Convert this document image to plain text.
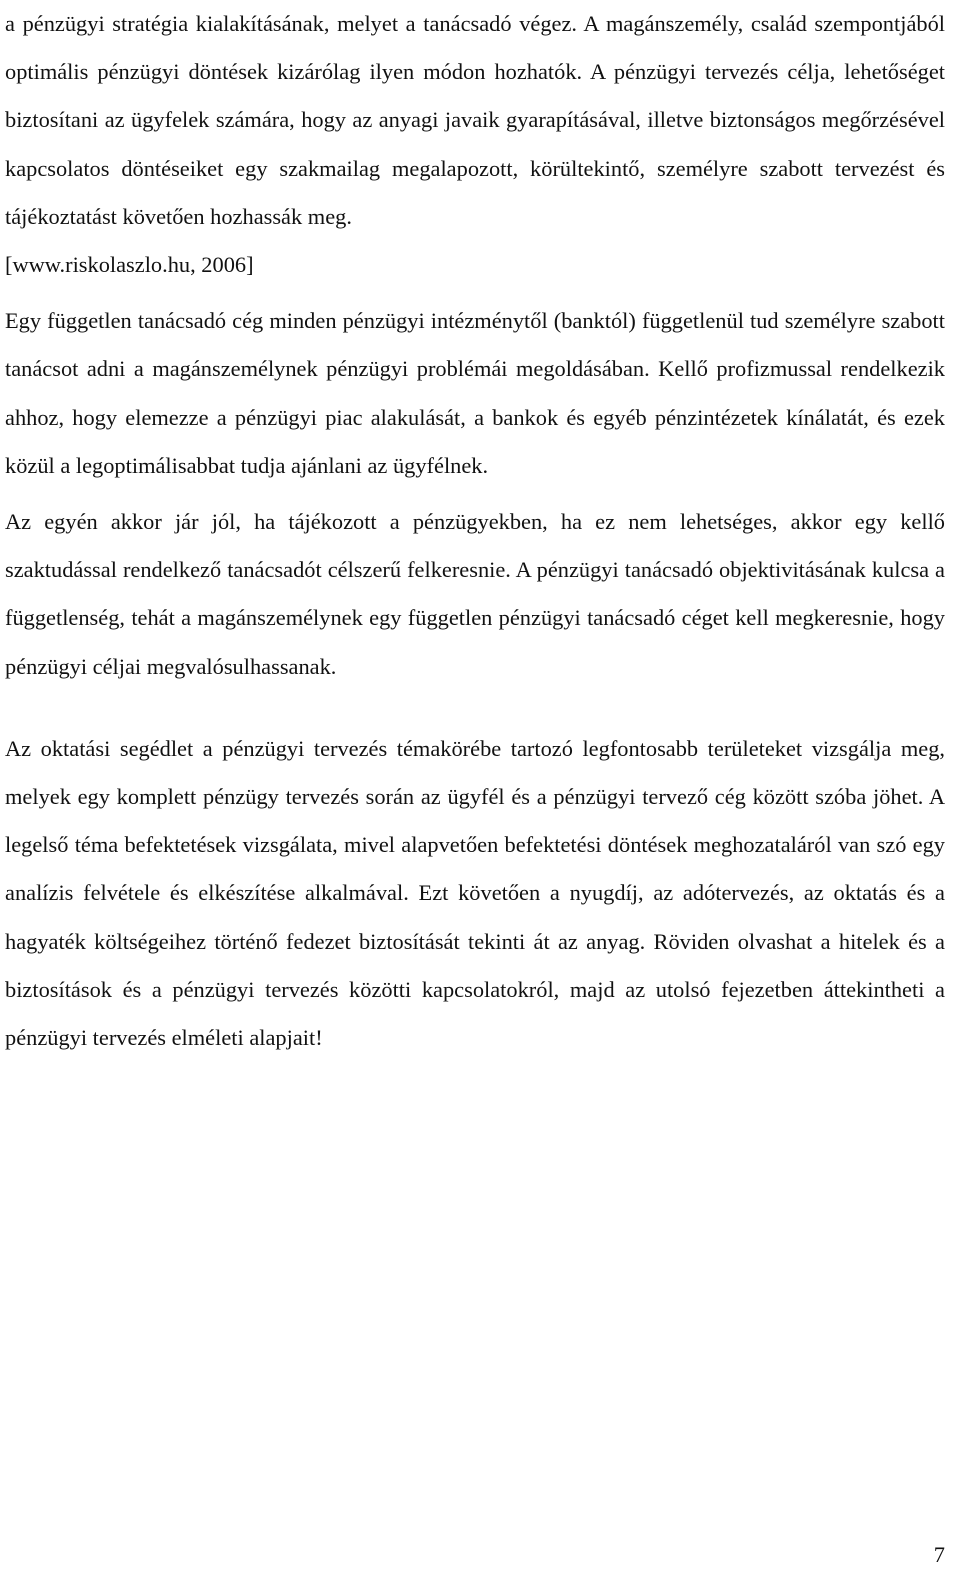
a pénzügyi stratégia kialakításának, melyet a tanácsadó végez. A magánszemély, család szempontjából optimális pénzügyi döntések kizárólag ilyen módon hozhatók. A pénzügyi tervezés célja, lehetőséget biztosítani az ügyfelek számára, hogy az anyagi javaik gyarapításával, illetve biztonságos megőrzésével kapcsolatos döntéseiket egy szakmailag megalapozott, körültekintő, személyre szabott tervezést és tájékoztatást követően hozhassák meg.

[www.riskolaszlo.hu, 2006]

Egy független tanácsadó cég minden pénzügyi intézménytől (banktól) függetlenül tud személyre szabott tanácsot adni a magánszemélynek pénzügyi problémái megoldásában. Kellő profizmussal rendelkezik ahhoz, hogy elemezze a pénzügyi piac alakulását, a bankok és egyéb pénzintézetek kínálatát, és ezek közül a legoptimálisabbat tudja ajánlani az ügyfélnek.

Az egyén akkor jár jól, ha tájékozott a pénzügyekben, ha ez nem lehetséges, akkor egy kellő szaktudással rendelkező tanácsadót célszerű felkeresnie. A pénzügyi tanácsadó objektivitásának kulcsa a függetlenség, tehát a magánszemélynek egy független pénzügyi tanácsadó céget kell megkeresnie, hogy pénzügyi céljai megvalósulhassanak.

Az oktatási segédlet a pénzügyi tervezés témakörébe tartozó legfontosabb területeket vizsgálja meg, melyek egy komplett pénzügy tervezés során az ügyfél és a pénzügyi tervező cég között szóba jöhet. A legelső téma befektetések vizsgálata, mivel alapvetően befektetési döntések meghozataláról van szó egy analízis felvétele és elkészítése alkalmával. Ezt követően a nyugdíj, az adótervezés, az oktatás és a hagyaték költségeihez történő fedezet biztosítását tekinti át az anyag. Röviden olvashat a hitelek és a biztosítások és a pénzügyi tervezés közötti kapcsolatokról, majd az utolsó fejezetben áttekintheti a pénzügyi tervezés elméleti alapjait!

7
